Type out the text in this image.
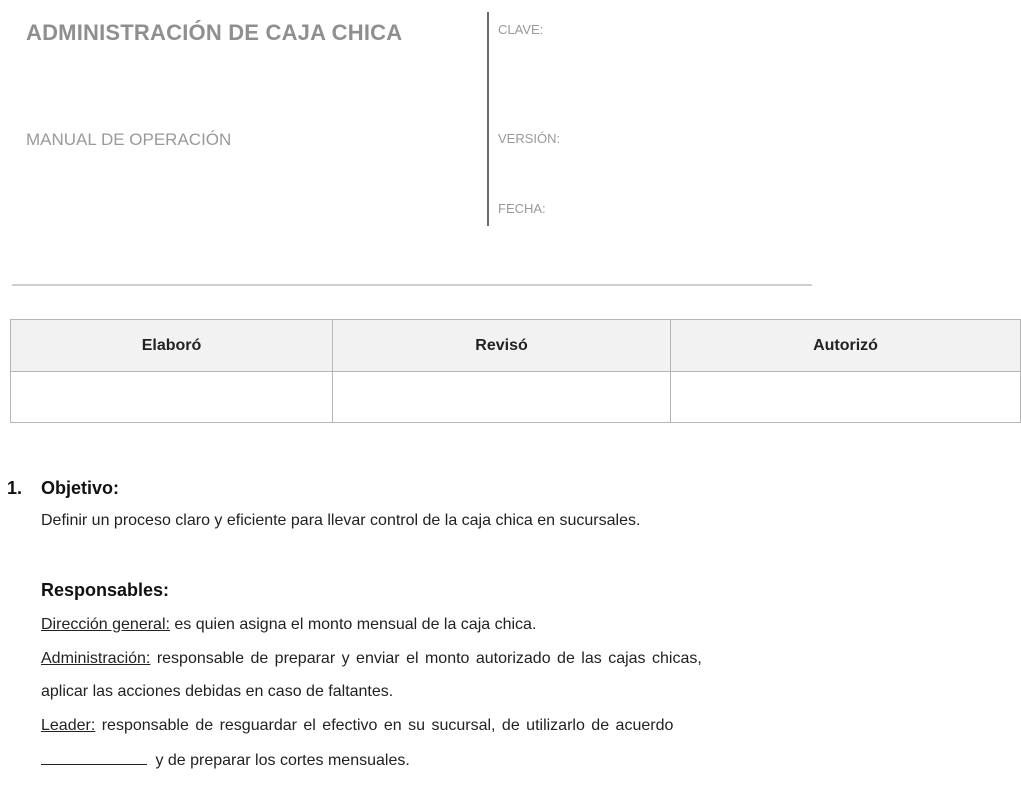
ADMINISTRACIÓN DE CAJA CHICA
MANUAL DE OPERACIÓN
CLAVE:
VERSIÓN:
FECHA:
Elaboró	Revisó	Autorizó

1. Objetivo:
Definir un proceso claro y eficiente para llevar control de la caja chica en sucursales.
Responsables:
Dirección general: es quien asigna el monto mensual de la caja chica.
Administración: responsable de preparar y enviar el monto autorizado de las cajas chicas,
aplicar las acciones debidas en caso de faltantes.
Leader: responsable de resguardar el efectivo en su sucursal, de utilizarlo de acuerdo
y de preparar los cortes mensuales.
